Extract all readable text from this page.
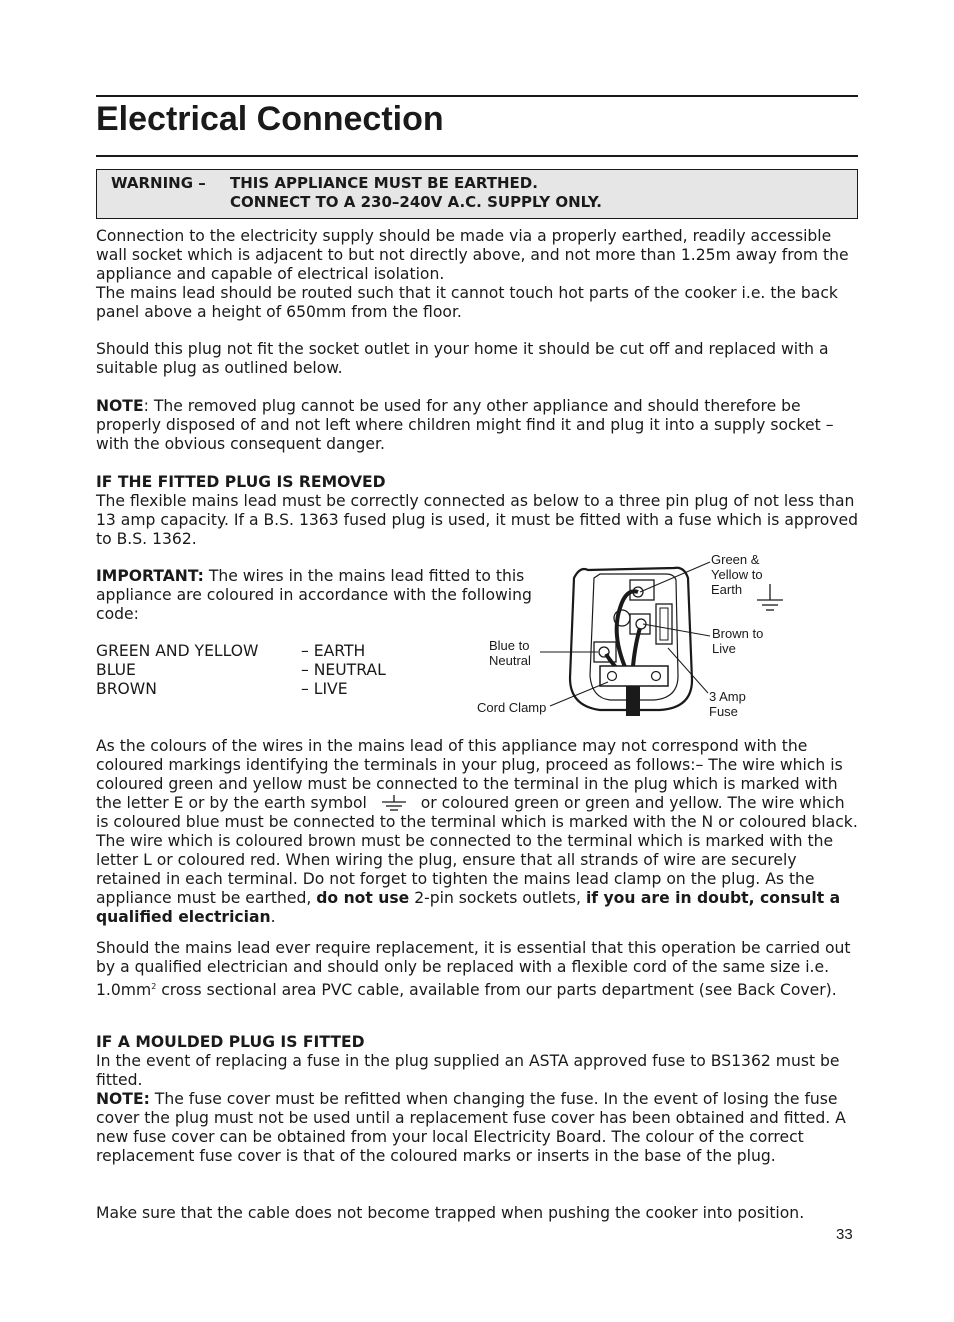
Electrical Connection
WARNING – THIS APPLIANCE MUST BE EARTHED.
CONNECT TO A 230–240V A.C. SUPPLY ONLY.

Connection to the electricity supply should be made via a properly earthed, readily accessible wall socket which is adjacent to but not directly above, and not more than 1.25m away from the appliance and capable of electrical isolation.

The mains lead should be routed such that it cannot touch hot parts of the cooker i.e. the back panel above a height of 650mm from the floor.

Should this plug not fit the socket outlet in your home it should be cut off and replaced with a suitable plug as outlined below.

NOTE: The removed plug cannot be used for any other appliance and should therefore be properly disposed of and not left where children might find it and plug it into a supply socket – with the obvious consequent danger.

IF THE FITTED PLUG IS REMOVED

The flexible mains lead must be correctly connected as below to a three pin plug of not less than 13 amp capacity. If a B.S. 1363 fused plug is used, it must be fitted with a fuse which is approved to B.S. 1362.

IMPORTANT: The wires in the mains lead fitted to this appliance are coloured in accordance with the following code:

GREEN AND YELLOW	– EARTH
BLUE	– NEUTRAL
BROWN	– LIVE
Green &
Yellow to
Earth
Brown to
Live
Blue to
Neutral
3 Amp
Fuse
Cord Clamp

As the colours of the wires in the mains lead of this appliance may not correspond with the coloured markings identifying the terminals in your plug, proceed as follows:– The wire which is coloured green and yellow must be connected to the terminal in the plug which is marked with the letter E or by the earth symbol	or coloured green or green and yellow. The wire which is coloured blue must be connected to the terminal which is marked with the N or coloured black. The wire which is coloured brown must be connected to the terminal which is marked with the letter L or coloured red. When wiring the plug, ensure that all strands of wire are securely retained in each terminal. Do not forget to tighten the mains lead clamp on the plug. As the appliance must be earthed, do not use 2-pin sockets outlets, if you are in doubt, consult a qualified electrician.

Should the mains lead ever require replacement, it is essential that this operation be carried out by a qualified electrician and should only be replaced with a flexible cord of the same size i.e. $1.0mm^2$ cross sectional area PVC cable, available from our parts department (see Back Cover).

IF A MOULDED PLUG IS FITTED

In the event of replacing a fuse in the plug supplied an ASTA approved fuse to BS1362 must be fitted.

NOTE: The fuse cover must be refitted when changing the fuse. In the event of losing the fuse cover the plug must not be used until a replacement fuse cover has been obtained and fitted. A new fuse cover can be obtained from your local Electricity Board. The colour of the correct replacement fuse cover is that of the coloured marks or inserts in the base of the plug.

Make sure that the cable does not become trapped when pushing the cooker into position.

33
